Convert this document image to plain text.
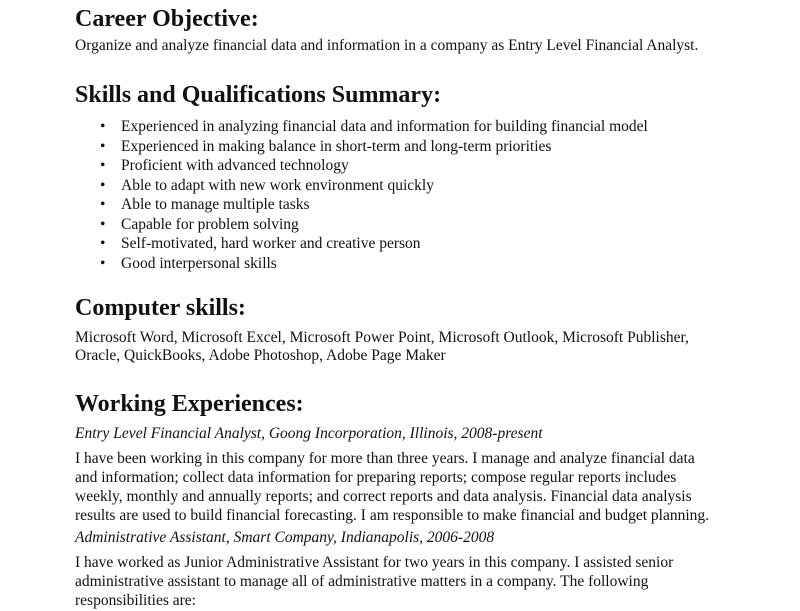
Career Objective:

Organize and analyze financial data and information in a company as Entry Level Financial Analyst.

Skills and Qualifications Summary:
• Experienced in analyzing financial data and information for building financial model
• Experienced in making balance in short-term and long-term priorities
• Proficient with advanced technology
• Able to adapt with new work environment quickly
• Able to manage multiple tasks
• Capable for problem solving
• Self-motivated, hard worker and creative person
• Good interpersonal skills
Computer skills:

Microsoft Word, Microsoft Excel, Microsoft Power Point, Microsoft Outlook, Microsoft Publisher,

Oracle, QuickBooks, Adobe Photoshop, Adobe Page Maker

Working Experiences:

Entry Level Financial Analyst, Goong Incorporation, Illinois, 2008-present

I have been working in this company for more than three years. I manage and analyze financial data

and information; collect data information for preparing reports; compose regular reports includes

weekly, monthly and annually reports; and correct reports and data analysis. Financial data analysis

results are used to build financial forecasting. I am responsible to make financial and budget planning.

Administrative Assistant, Smart Company, Indianapolis, 2006-2008

I have worked as Junior Administrative Assistant for two years in this company. I assisted senior

administrative assistant to manage all of administrative matters in a company. The following

responsibilities are:
